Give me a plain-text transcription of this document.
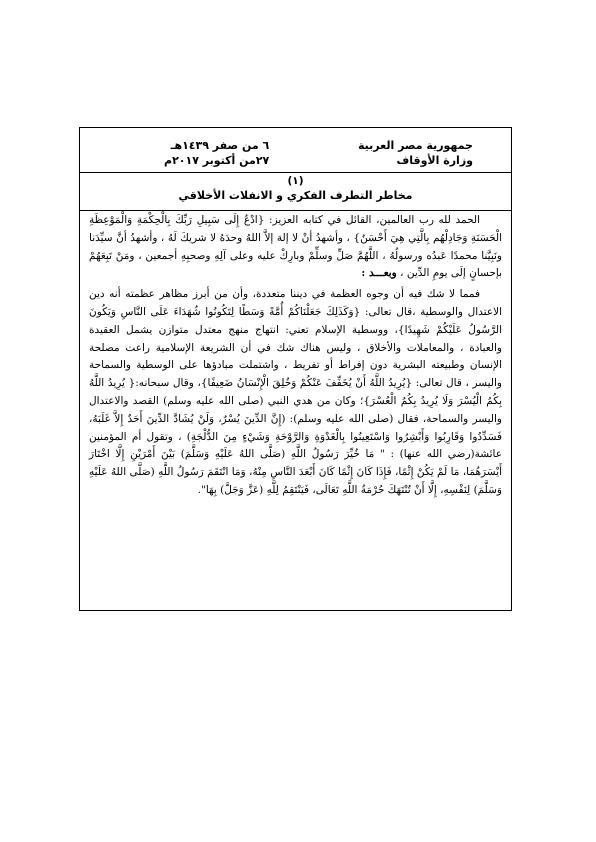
جمهورية مصر العربية
وزارة الأوقاف
٦ من صفر ١٤٣٩هـ
٢٧من أكتوبر ٢٠١٧م
(١)
مخاطر التطرف الفكري و الانفلات الأخلاقي

الحمد لله رب العالمين، القائل في كتابه العزيز: {ادْعُ إِلَى سَبِيلِ رَبِّكَ بِالْحِكْمَةِ وَالْمَوْعِظَةِ الْحَسَنَةِ وَجَادِلْهُم بِالَّتِي هِيَ أَحْسَنُ} ، وأشهدُ أنْ لا إلهَ إلاَّ اللهُ وحدَهُ لا شريكَ لَهُ ، وأشهدُ أنَّ سيِّدَنا ونَبِيَّنا محمدًا عَبدُه ورسولُهُ ، اللَّهُمَّ صَلِّ وسلِّمْ وبارِكْ عليه وعلى آلِهِ وصحبِهِ أجمعين ، ومَنْ تَبِعَهُمْ بإحسانٍ إلَى يومِ الدِّين ، وبعـــد :

فمما لا شك فيه أن وجوه العظمة في ديننا متعددة، وأن من أبرز مظاهر عظمته أنه دين الاعتدال والوسطية ،قال تعالى: {وَكَذَلِكَ جَعَلْنَاكُمْ أُمَّةً وَسَطًا لِتَكُونُوا شُهَدَاءَ عَلَى النَّاسِ وَيَكُونَ الرَّسُولُ عَلَيْكُمْ شَهِيدًا}، ووسطية الإسلام تعني: انتهاج منهج معتدل متوازن يشمل العقيدة والعبادة ، والمعاملات والأخلاق ، وليس هناك شك في أن الشريعة الإسلامية راعت مصلحة الإنسان وطبيعته البشرية دون إفراط أو تفريط ، واشتملت مبادؤها على الوسطية والسماحة واليسر ، قال تعالى: {يُرِيدُ اللَّهُ أَنْ يُخَفِّفَ عَنْكُمْ وَخُلِقَ الْإِنْسَانُ ضَعِيفًا}، وقال سبحانه:{ يُرِيدُ اللَّهُ بِكُمُ الْيُسْرَ وَلَا يُرِيدُ بِكُمُ الْعُسْرَ}؛ وكان من هدي النبي (صلى الله عليه وسلم) القصد والاعتدال واليسر والسماحة، فقال (صلى الله عليه وسلم): (إِنَّ الدِّينَ يُسْرٌ، وَلَنْ يُشَادَّ الدِّينَ أَحَدٌ إِلاَّ غَلَبَهُ، فَسَدِّدُوا وَقَارِبُوا وَأَبْشِرُوا وَاسْتَعِينُوا بِالْغَدْوَةِ وَالرَّوْحَةِ وَشَيْءٍ مِنَ الدُّلْجَةِ) ، وتقول أم المؤمنين عائشة(رضي الله عنها) : " مَا خُيِّرَ رَسُولُ اللَّهِ (صَلَّى اللهُ عَلَيْهِ وَسَلَّمَ) بَيْنَ أَمْرَيْنِ إِلَّا اخْتَارَ أَيْسَرَهُمَا، مَا لَمْ يَكُنْ إِثْمًا، فَإِذَا كَانَ إِثْمًا كَانَ أَبْعَدَ النَّاسِ مِنْهُ، وَمَا انْتَقَمَ رَسُولُ اللَّهِ (صَلَّى اللهُ عَلَيْهِ وَسَلَّمَ) لِنَفْسِهِ، إِلَّا أَنْ تُنْتَهَكَ حُرْمَةُ اللَّهِ تَعَالَى، فَيَنْتَقِمُ لِلَّهِ (عَزَّ وَجَلَّ) بِهَا".
